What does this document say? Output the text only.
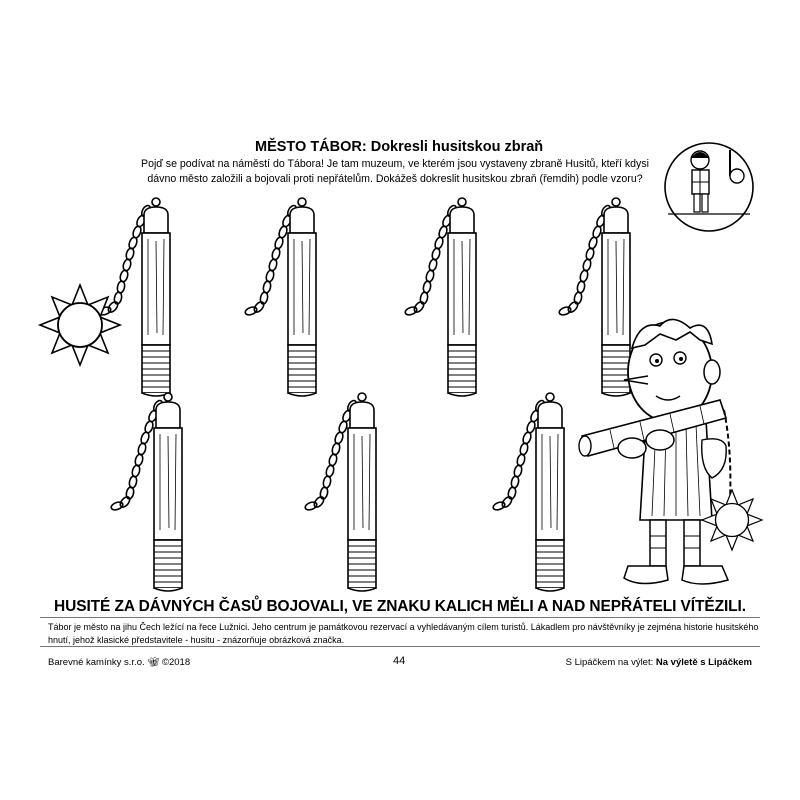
MĚSTO TÁBOR: Dokresli husitskou zbraň
Pojď se podívat na náměstí do Tábora! Je tam muzeum, ve kterém jsou vystaveny zbraně Husitů, kteří kdysi dávno město založili a bojovali proti nepřátelům. Dokážeš dokreslit husitskou zbraň (řemdih) podle vzoru?
HUSITÉ ZA DÁVNÝCH ČASŮ BOJOVALI, VE ZNAKU KALICH MĚLI A NAD NEPŘÁTELI VÍTĚZILI.
Tábor je město na jihu Čech ležící na řece Lužnici. Jeho centrum je památkovou rezervací a vyhledávaným cílem turistů. Lákadlem pro návštěvníky je zejména historie husitského hnutí, jehož klasické představitele - husitu - znázorňuje obrázková značka.
Barevné kamínky s.r.o. 🦋︎ ©2018	44	S Lipáčkem na výlet: Na výletě s Lipáčkem
